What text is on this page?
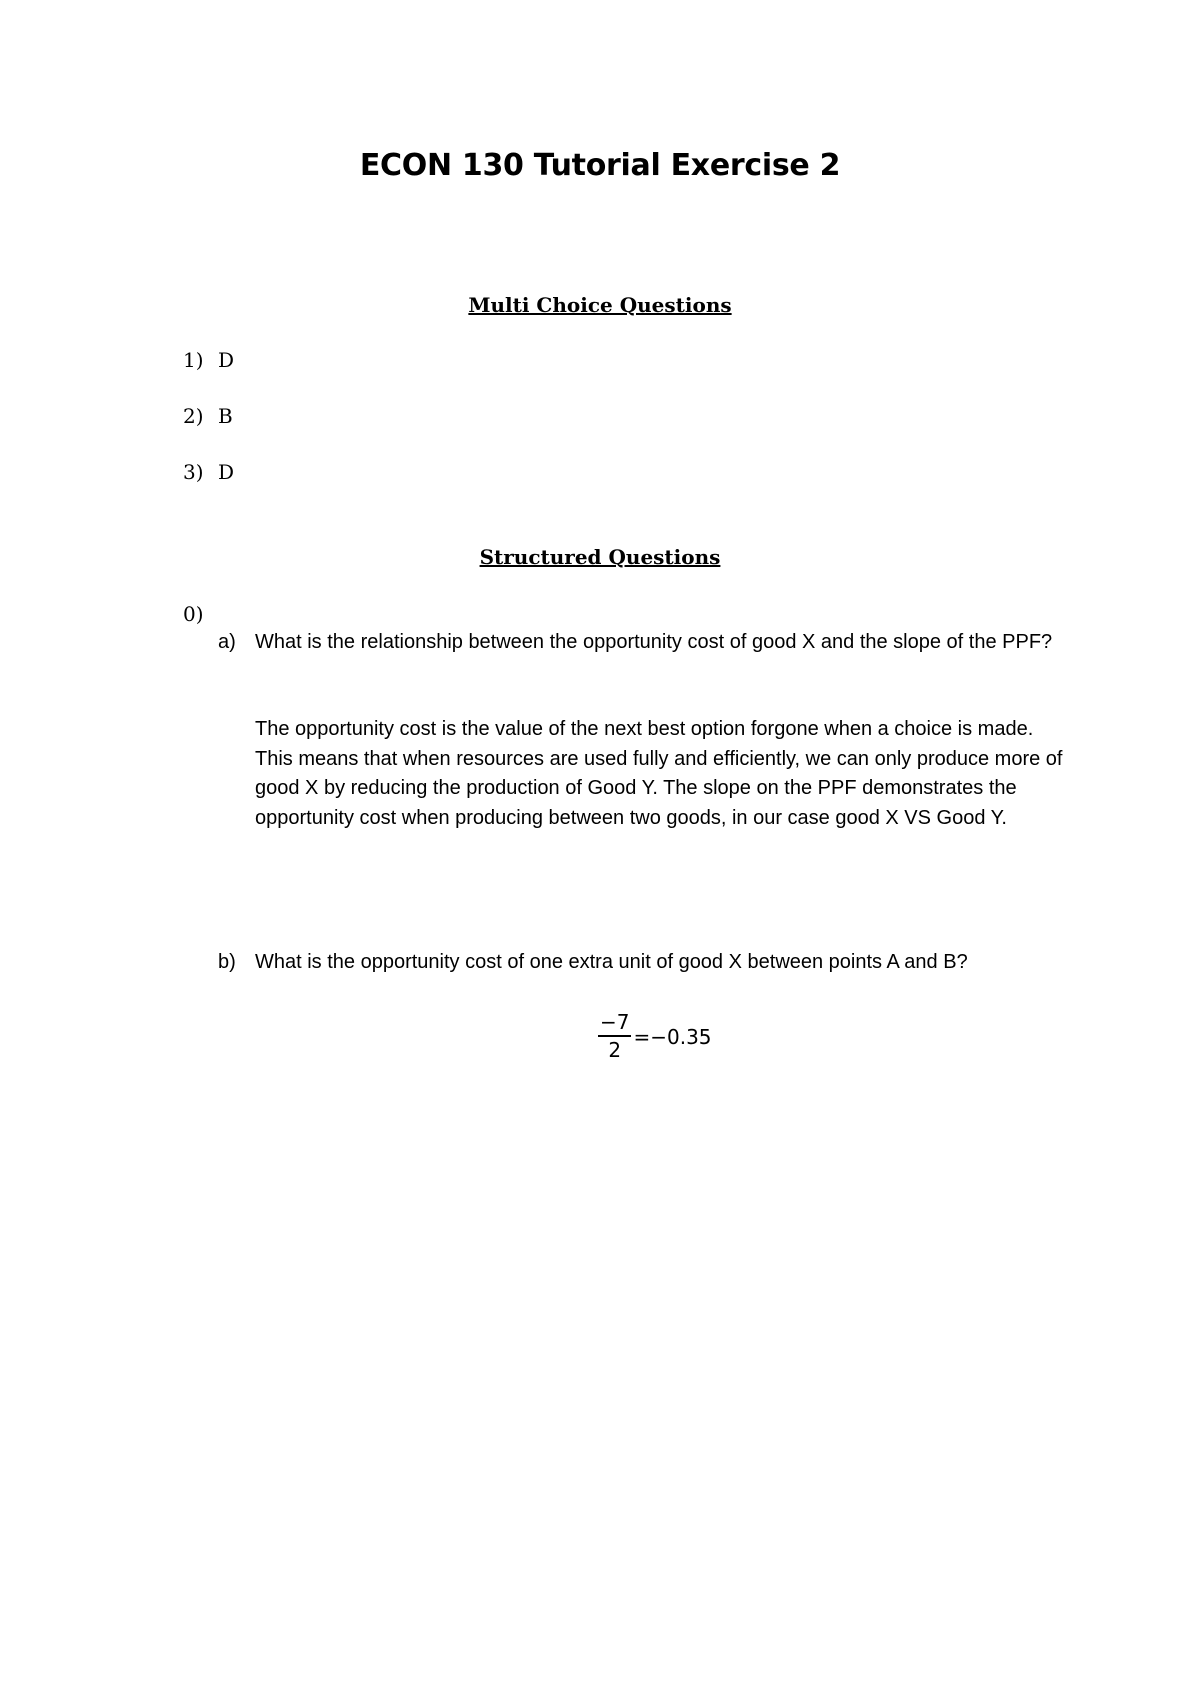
ECON 130 Tutorial Exercise 2
Multi Choice Questions
1) D
2) B
3) D
Structured Questions
0)
a) What is the relationship between the opportunity cost of good X and the slope of the PPF?

The opportunity cost is the value of the next best option forgone when a choice is made. This means that when resources are used fully and efficiently, we can only produce more of good X by reducing the production of Good Y. The slope on the PPF demonstrates the opportunity cost when producing between two goods, in our case good X VS Good Y.

b) What is the opportunity cost of one extra unit of good X between points A and B?
$\frac{-7}{2} =-0.35$
